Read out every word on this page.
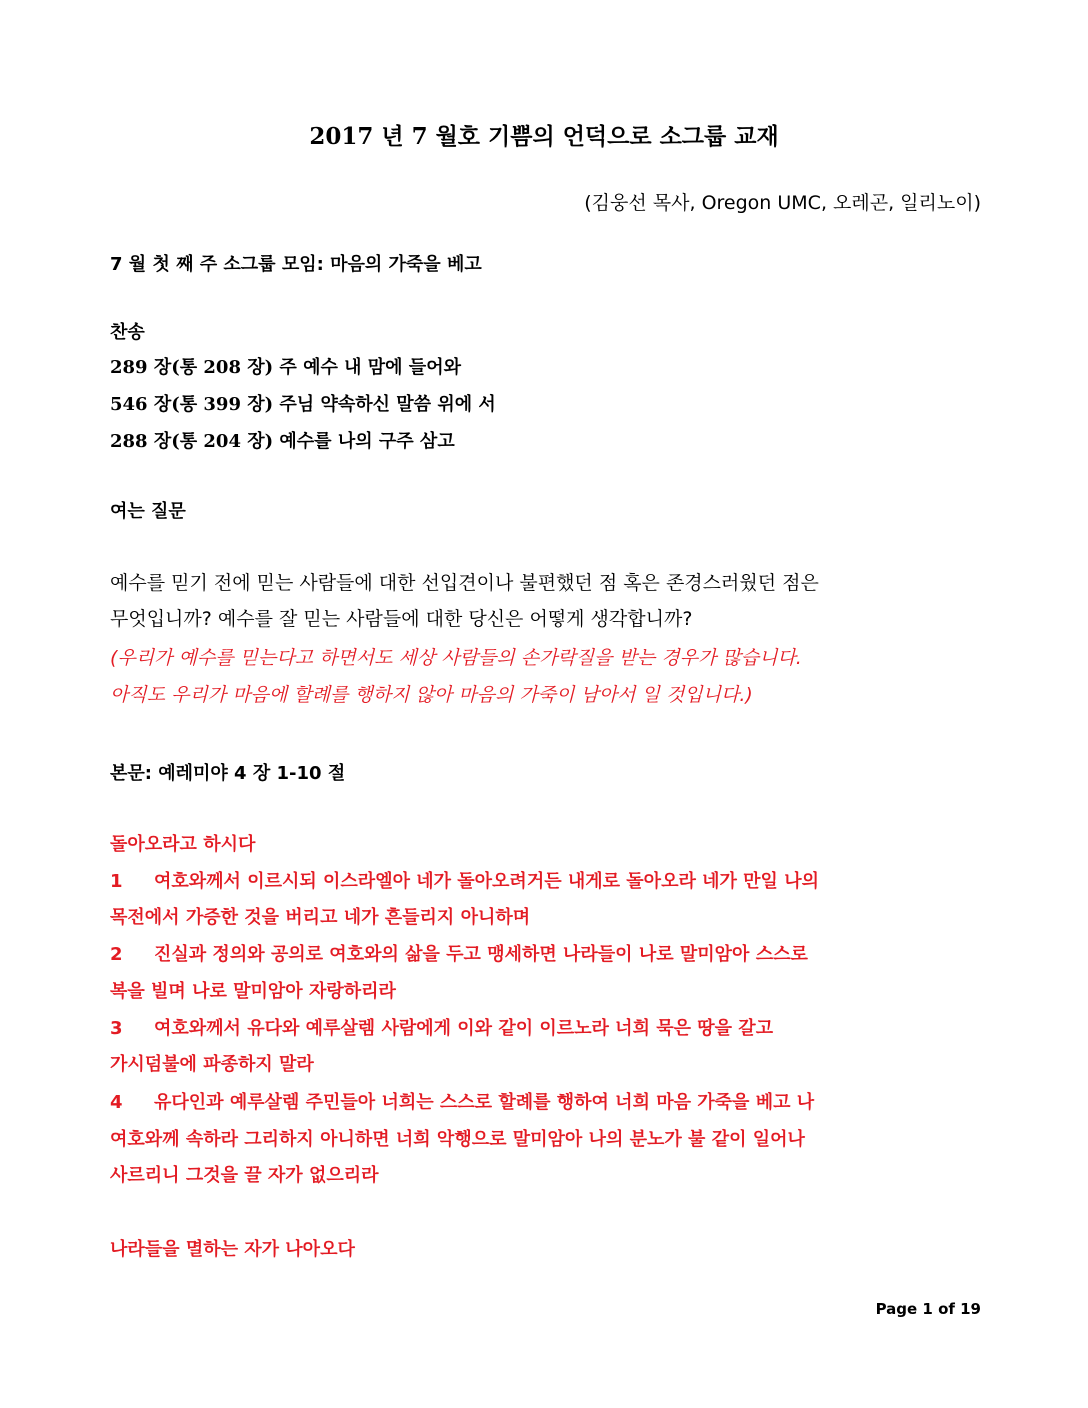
2017 년 7 월호 기쁨의 언덕으로 소그룹 교재
(김웅선 목사, Oregon UMC, 오레곤, 일리노이)
7 월 첫 째 주 소그룹 모임: 마음의 가죽을 베고
찬송
289 장(통 208 장) 주 예수 내 맘에 들어와
546 장(통 399 장) 주님 약속하신 말씀 위에 서
288 장(통 204 장) 예수를 나의 구주 삼고
여는 질문
예수를 믿기 전에 믿는 사람들에 대한 선입견이나 불편했던 점 혹은 존경스러웠던 점은
무엇입니까? 예수를 잘 믿는 사람들에 대한 당신은 어떻게 생각합니까?
(우리가 예수를 믿는다고 하면서도 세상 사람들의 손가락질을 받는 경우가 많습니다.
아직도 우리가 마음에 할례를 행하지 않아 마음의 가죽이 남아서 일 것입니다.)
본문: 예레미야 4 장 1-10 절
돌아오라고 하시다
1 여호와께서 이르시되 이스라엘아 네가 돌아오려거든 내게로 돌아오라 네가 만일 나의
목전에서 가증한 것을 버리고 네가 흔들리지 아니하며
2 진실과 정의와 공의로 여호와의 삶을 두고 맹세하면 나라들이 나로 말미암아 스스로
복을 빌며 나로 말미암아 자랑하리라
3 여호와께서 유다와 예루살렘 사람에게 이와 같이 이르노라 너희 묵은 땅을 갈고
가시덤불에 파종하지 말라
4 유다인과 예루살렘 주민들아 너희는 스스로 할례를 행하여 너희 마음 가죽을 베고 나
여호와께 속하라 그리하지 아니하면 너희 악행으로 말미암아 나의 분노가 불 같이 일어나
사르리니 그것을 끌 자가 없으리라
나라들을 멸하는 자가 나아오다
Page 1 of 19
